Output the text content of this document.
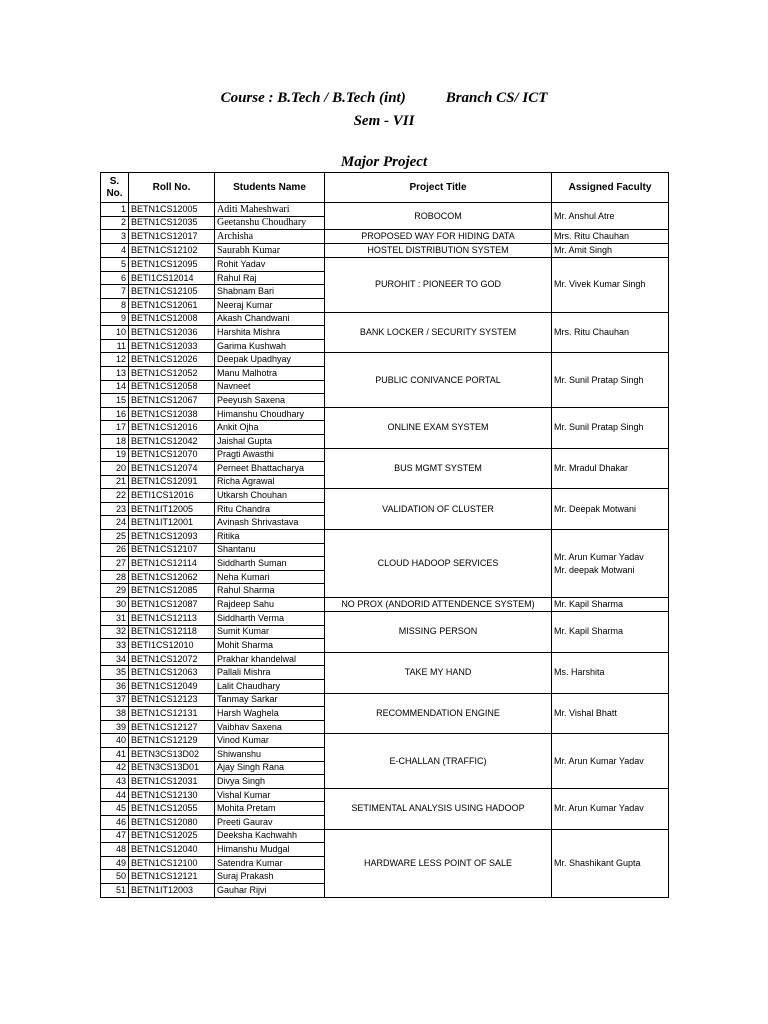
Course : B.Tech / B.Tech (int)	Branch CS/ ICT
Sem - VII
Major Project
S. No.	Roll No.	Students Name	Project Title	Assigned Faculty
1	BETN1CS12005	Aditi Maheshwari	ROBOCOM	Mr. Anshul Atre

2	BETN1CS12035	Geetanshu Choudhary		
3	BETN1CS12017	Archisha	PROPOSED WAY FOR HIDING DATA	Mrs. Ritu Chauhan

4	BETN1CS12102	Saurabh Kumar	HOSTEL DISTRIBUTION SYSTEM	Mr. Amit Singh

5	BETN1CS12095	Rohit Yadav	PUROHIT : PIONEER TO GOD	Mr. Vivek Kumar Singh

6	BETI1CS12014	Rahul Raj		
7	BETN1CS12105	Shabnam Bari		
8	BETN1CS12061	Neeraj Kumar		
9	BETN1CS12008	Akash Chandwani	BANK LOCKER / SECURITY SYSTEM	Mrs. Ritu Chauhan

10	BETN1CS12036	Harshita Mishra		
11	BETN1CS12033	Garima Kushwah		
12	BETN1CS12026	Deepak Upadhyay	PUBLIC CONIVANCE PORTAL	Mr. Sunil Pratap Singh

13	BETN1CS12052	Manu Malhotra		
14	BETN1CS12058	Navneet		
15	BETN1CS12067	Peeyush Saxena		
16	BETN1CS12038	Himanshu Choudhary	ONLINE EXAM SYSTEM	Mr. Sunil Pratap Singh

17	BETN1CS12016	Ankit Ojha		
18	BETN1CS12042	Jaishal Gupta		
19	BETN1CS12070	Pragti Awasthi	BUS MGMT SYSTEM	Mr. Mradul Dhakar

20	BETN1CS12074	Perneet Bhattacharya		
21	BETN1CS12091	Richa Agrawal		
22	BETI1CS12016	Utkarsh Chouhan	VALIDATION OF CLUSTER	Mr. Deepak Motwani

23	BETN1IT12005	Ritu Chandra		
24	BETN1IT12001	Avinash Shrivastava		
25	BETN1CS12093	Ritika	CLOUD HADOOP SERVICES	Mr. Arun Kumar Yadav
Mr. deepak Motwani

26	BETN1CS12107	Shantanu		
27	BETN1CS12114	Siddharth Suman		
28	BETN1CS12062	Neha Kumari		
29	BETN1CS12085	Rahul Sharma		
30	BETN1CS12087	Rajdeep Sahu	NO PROX (ANDORID ATTENDENCE SYSTEM)	Mr. Kapil Sharma

31	BETN1CS12113	Siddharth Verma	MISSING PERSON	Mr. Kapil Sharma

32	BETN1CS12118	Sumit Kumar		
33	BETI1CS12010	Mohit Sharma		
34	BETN1CS12072	Prakhar khandelwal	TAKE MY HAND	Ms. Harshita

35	BETN1CS12063	Pallali Mishra		
36	BETN1CS12049	Lalit Chaudhary		
37	BETN1CS12123	Tanmay Sarkar	RECOMMENDATION ENGINE	Mr. Vishal Bhatt

38	BETN1CS12131	Harsh Waghela		
39	BETN1CS12127	Vaibhav Saxena		
40	BETN1CS12129	Vinod Kumar	E-CHALLAN (TRAFFIC)	Mr. Arun Kumar Yadav

41	BETN3CS13D02	Shiwanshu		
42	BETN3CS13D01	Ajay Singh Rana		
43	BETN1CS12031	Divya Singh		
44	BETN1CS12130	Vishal Kumar	SETIMENTAL ANALYSIS USING HADOOP	Mr. Arun Kumar Yadav

45	BETN1CS12055	Mohita Pretam		
46	BETN1CS12080	Preeti Gaurav		
47	BETN1CS12025	Deeksha Kachwahh	HARDWARE LESS POINT OF SALE	Mr. Shashikant Gupta

48	BETN1CS12040	Himanshu Mudgal		
49	BETN1CS12100	Satendra Kumar		
50	BETN1CS12121	Suraj Prakash		
51	BETN1IT12003	Gauhar Rijvi		
